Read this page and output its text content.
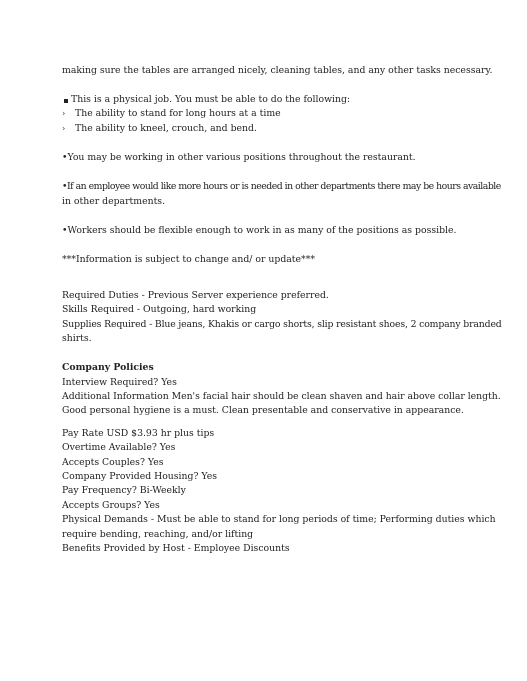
making sure the tables are arranged nicely, cleaning tables, and any other tasks necessary.
This is a physical job. You must be able to do the following:
› The ability to stand for long hours at a time
› The ability to kneel, crouch, and bend.
•You may be working in other various positions throughout the restaurant.
•If an employee would like more hours or is needed in other departments there may be hours available
in other departments.
•Workers should be flexible enough to work in as many of the positions as possible.
***Information is subject to change and/ or update***
Required Duties - Previous Server experience preferred.
Skills Required - Outgoing, hard working
Supplies Required - Blue jeans, Khakis or cargo shorts, slip resistant shoes, 2 company branded
shirts.
Company Policies
Interview Required? Yes
Additional Information Men's facial hair should be clean shaven and hair above collar length.
Good personal hygiene is a must. Clean presentable and conservative in appearance.
Pay Rate USD $3.93 hr plus tips
Overtime Available? Yes
Accepts Couples? Yes
Company Provided Housing? Yes
Pay Frequency? Bi-Weekly
Accepts Groups? Yes
Physical Demands - Must be able to stand for long periods of time; Performing duties which
require bending, reaching, and/or lifting
Benefits Provided by Host - Employee Discounts
